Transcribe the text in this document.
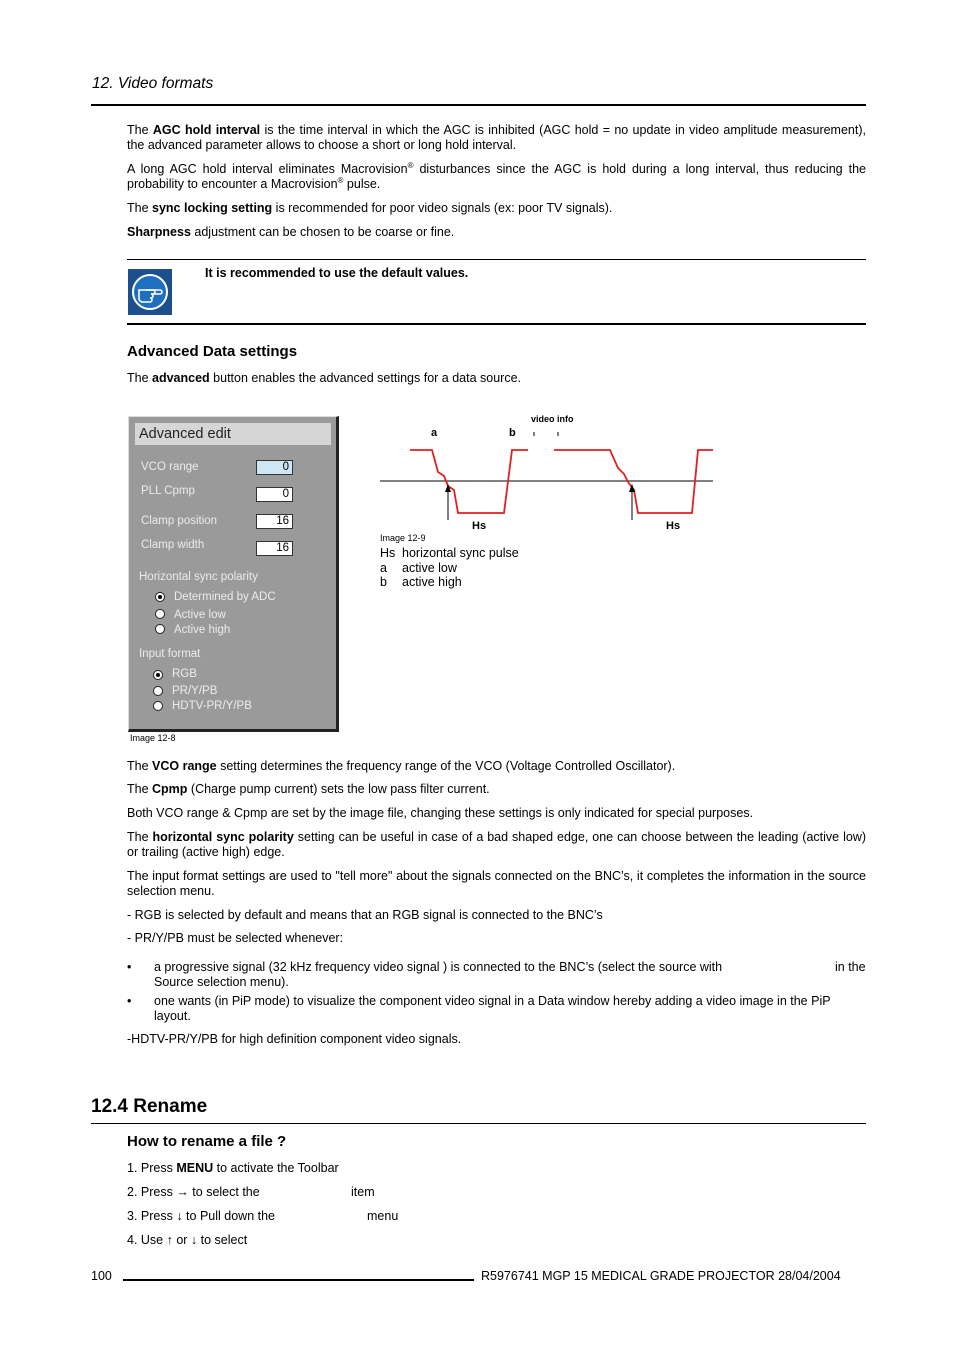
12. Video formats
The AGC hold interval is the time interval in which the AGC is inhibited (AGC hold = no update in video amplitude measurement), the advanced parameter allows to choose a short or long hold interval.
A long AGC hold interval eliminates Macrovision® disturbances since the AGC is hold during a long interval, thus reducing the probability to encounter a Macrovision® pulse.
The sync locking setting is recommended for poor video signals (ex: poor TV signals).
Sharpness adjustment can be chosen to be coarse or fine.
It is recommended to use the default values.
Advanced Data settings
The advanced button enables the advanced settings for a data source.
Advanced edit
VCO range	0
PLL Cpmp	0
Clamp position	16
Clamp width	16
Horizontal sync polarity
Determined by ADC
Active low
Active high
Input format
RGB
PR/Y/PB
HDTV-PR/Y/PB
Image 12-8
video info
a	b
Hs	Hs
Image 12-9
Hs horizontal sync pulse
a active low
b active high
The VCO range setting determines the frequency range of the VCO (Voltage Controlled Oscillator).
The Cpmp (Charge pump current) sets the low pass filter current.
Both VCO range & Cpmp are set by the image file, changing these settings is only indicated for special purposes.
The horizontal sync polarity setting can be useful in case of a bad shaped edge, one can choose between the leading (active low) or trailing (active high) edge.
The input format settings are used to "tell more" about the signals connected on the BNC’s, it completes the information in the source selection menu.
- RGB is selected by default and means that an RGB signal is connected to the BNC’s
- PR/Y/PB must be selected whenever:
• a progressive signal (32 kHz frequency video signal ) is connected to the BNC’s (select the source with	in the
Source selection menu).
• one wants (in PiP mode) to visualize the component video signal in a Data window hereby adding a video image in the PiP
layout.
-HDTV-PR/Y/PB for high definition component video signals.
12.4 Rename
How to rename a file ?
1. Press MENU to activate the Toolbar
2. Press → to select the	item
3. Press ↓ to Pull down the	menu
4. Use ↑ or ↓ to select
100	R5976741 MGP 15 MEDICAL GRADE PROJECTOR 28/04/2004
